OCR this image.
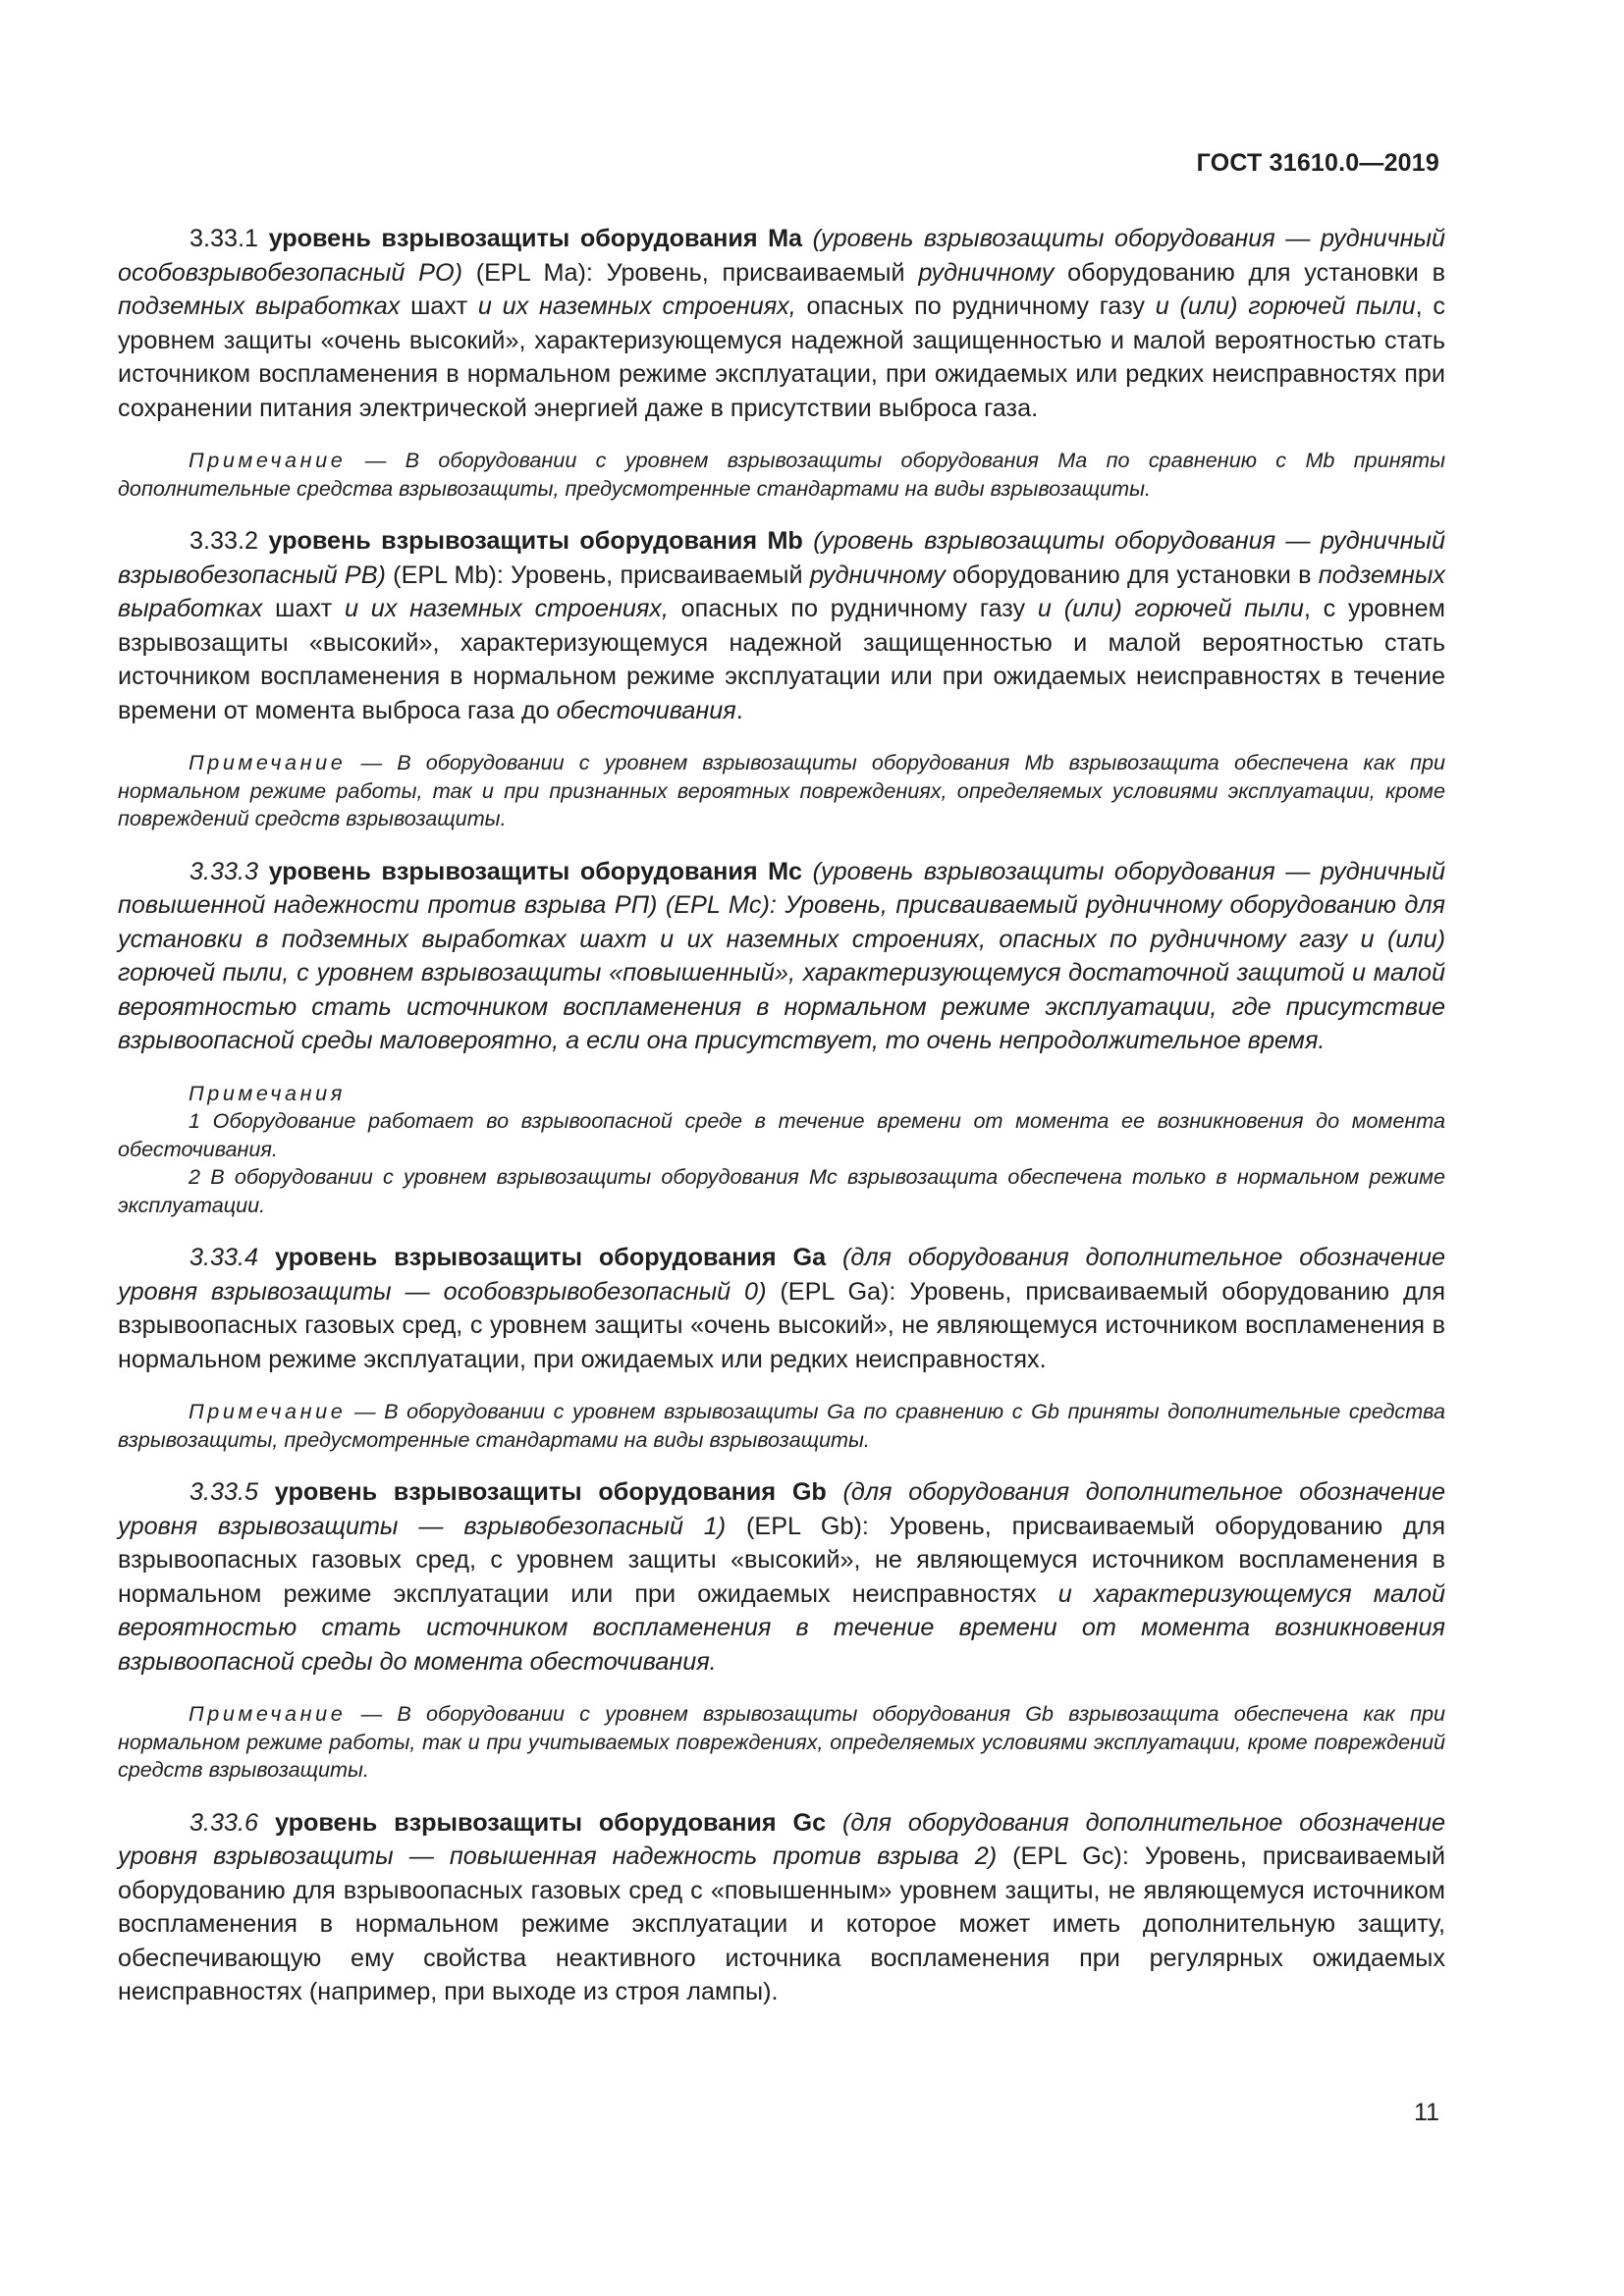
ГОСТ 31610.0—2019

3.33.1 уровень взрывозащиты оборудования Ma (уровень взрывозащиты оборудования — рудничный особовзрывобезопасный PO) (EPL Ma): Уровень, присваиваемый рудничному оборудованию для установки в подземных выработках шахт и их наземных строениях, опасных по рудничному газу и (или) горючей пыли, с уровнем защиты «очень высокий», характеризующемуся надежной защищенностью и малой вероятностью стать источником воспламенения в нормальном режиме эксплуатации, при ожидаемых или редких неисправностях при сохранении питания электрической энергией даже в присутствии выброса газа.

Примечание — В оборудовании с уровнем взрывозащиты оборудования Ma по сравнению с Mb приняты дополнительные средства взрывозащиты, предусмотренные стандартами на виды взрывозащиты.

3.33.2 уровень взрывозащиты оборудования Mb (уровень взрывозащиты оборудования — рудничный взрывобезопасный PB) (EPL Mb): Уровень, присваиваемый рудничному оборудованию для установки в подземных выработках шахт и их наземных строениях, опасных по рудничному газу и (или) горючей пыли, с уровнем взрывозащиты «высокий», характеризующемуся надежной защищенностью и малой вероятностью стать источником воспламенения в нормальном режиме эксплуатации или при ожидаемых неисправностях в течение времени от момента выброса газа до обесточивания.

Примечание — В оборудовании с уровнем взрывозащиты оборудования Mb взрывозащита обеспечена как при нормальном режиме работы, так и при признанных вероятных повреждениях, определяемых условиями эксплуатации, кроме повреждений средств взрывозащиты.

3.33.3 уровень взрывозащиты оборудования Mc (уровень взрывозащиты оборудования — рудничный повышенной надежности против взрыва PП) (EPL Mc): Уровень, присваиваемый рудничному оборудованию для установки в подземных выработках шахт и их наземных строениях, опасных по рудничному газу и (или) горючей пыли, с уровнем взрывозащиты «повышенный», характеризующемуся достаточной защитой и малой вероятностью стать источником воспламенения в нормальном режиме эксплуатации, где присутствие взрывоопасной среды маловероятно, а если она присутствует, то очень непродолжительное время.

Примечания

1 Оборудование работает во взрывоопасной среде в течение времени от момента ее возникновения до момента обесточивания.

2 В оборудовании с уровнем взрывозащиты оборудования Mc взрывозащита обеспечена только в нормальном режиме эксплуатации.

3.33.4 уровень взрывозащиты оборудования Ga (для оборудования дополнительное обозначение уровня взрывозащиты — особовзрывобезопасный 0) (EPL Ga): Уровень, присваиваемый оборудованию для взрывоопасных газовых сред, с уровнем защиты «очень высокий», не являющемуся источником воспламенения в нормальном режиме эксплуатации, при ожидаемых или редких неисправностях.

Примечание — В оборудовании с уровнем взрывозащиты Ga по сравнению с Gb приняты дополнительные средства взрывозащиты, предусмотренные стандартами на виды взрывозащиты.

3.33.5 уровень взрывозащиты оборудования Gb (для оборудования дополнительное обозначение уровня взрывозащиты — взрывобезопасный 1) (EPL Gb): Уровень, присваиваемый оборудованию для взрывоопасных газовых сред, с уровнем защиты «высокий», не являющемуся источником воспламенения в нормальном режиме эксплуатации или при ожидаемых неисправностях и характеризующемуся малой вероятностью стать источником воспламенения в течение времени от момента возникновения взрывоопасной среды до момента обесточивания.

Примечание — В оборудовании с уровнем взрывозащиты оборудования Gb взрывозащита обеспечена как при нормальном режиме работы, так и при учитываемых повреждениях, определяемых условиями эксплуатации, кроме повреждений средств взрывозащиты.

3.33.6 уровень взрывозащиты оборудования Gc (для оборудования дополнительное обозначение уровня взрывозащиты — повышенная надежность против взрыва 2) (EPL Gc): Уровень, присваиваемый оборудованию для взрывоопасных газовых сред с «повышенным» уровнем защиты, не являющемуся источником воспламенения в нормальном режиме эксплуатации и которое может иметь дополнительную защиту, обеспечивающую ему свойства неактивного источника воспламенения при регулярных ожидаемых неисправностях (например, при выходе из строя лампы).

11
